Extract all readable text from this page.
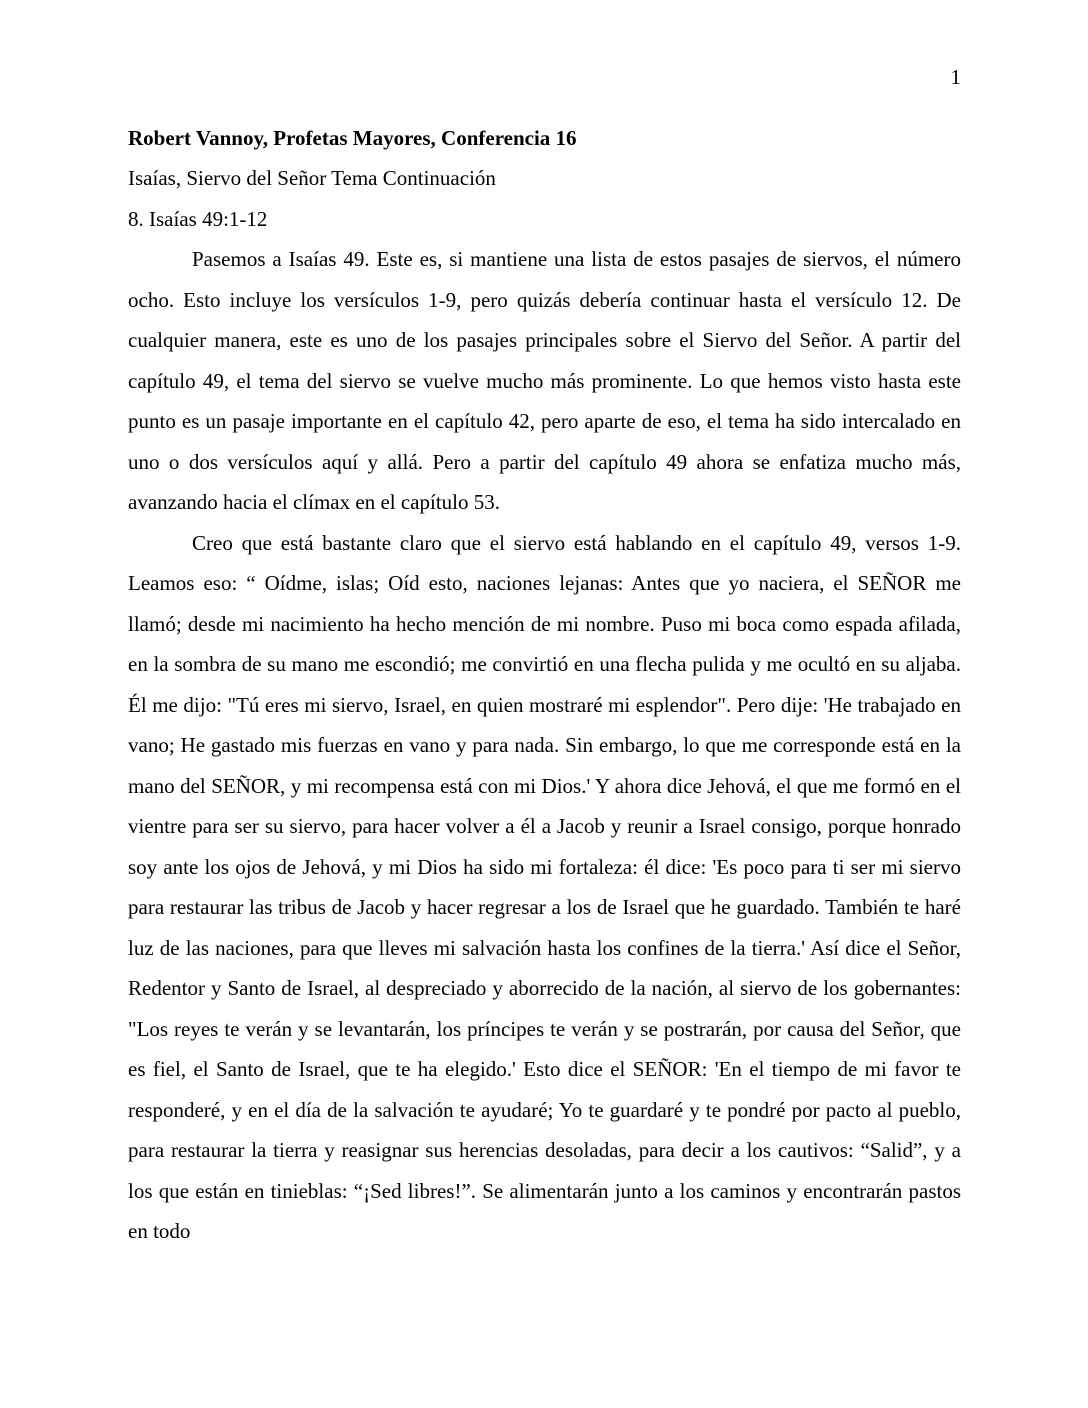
1
Robert Vannoy, Profetas Mayores, Conferencia 16
Isaías, Siervo del Señor Tema Continuación
8. Isaías 49:1-12

Pasemos a Isaías 49. Este es, si mantiene una lista de estos pasajes de siervos, el número ocho. Esto incluye los versículos 1-9, pero quizás debería continuar hasta el versículo 12. De cualquier manera, este es uno de los pasajes principales sobre el Siervo del Señor. A partir del capítulo 49, el tema del siervo se vuelve mucho más prominente. Lo que hemos visto hasta este punto es un pasaje importante en el capítulo 42, pero aparte de eso, el tema ha sido intercalado en uno o dos versículos aquí y allá. Pero a partir del capítulo 49 ahora se enfatiza mucho más, avanzando hacia el clímax en el capítulo 53.

Creo que está bastante claro que el siervo está hablando en el capítulo 49, versos 1-9. Leamos eso: “ Oídme, islas; Oíd esto, naciones lejanas: Antes que yo naciera, el SEÑOR me llamó; desde mi nacimiento ha hecho mención de mi nombre. Puso mi boca como espada afilada, en la sombra de su mano me escondió; me convirtió en una flecha pulida y me ocultó en su aljaba. Él me dijo: "Tú eres mi siervo, Israel, en quien mostraré mi esplendor". Pero dije: 'He trabajado en vano; He gastado mis fuerzas en vano y para nada. Sin embargo, lo que me corresponde está en la mano del SEÑOR, y mi recompensa está con mi Dios.' Y ahora dice Jehová, el que me formó en el vientre para ser su siervo, para hacer volver a él a Jacob y reunir a Israel consigo, porque honrado soy ante los ojos de Jehová, y mi Dios ha sido mi fortaleza: él dice: 'Es poco para ti ser mi siervo para restaurar las tribus de Jacob y hacer regresar a los de Israel que he guardado. También te haré luz de las naciones, para que lleves mi salvación hasta los confines de la tierra.' Así dice el Señor, Redentor y Santo de Israel, al despreciado y aborrecido de la nación, al siervo de los gobernantes: "Los reyes te verán y se levantarán, los príncipes te verán y se postrarán, por causa del Señor, que es fiel, el Santo de Israel, que te ha elegido.' Esto dice el SEÑOR: 'En el tiempo de mi favor te responderé, y en el día de la salvación te ayudaré; Yo te guardaré y te pondré por pacto al pueblo, para restaurar la tierra y reasignar sus herencias desoladas, para decir a los cautivos: “Salid”, y a los que están en tinieblas: “¡Sed libres!”. Se alimentarán junto a los caminos y encontrarán pastos en todo
